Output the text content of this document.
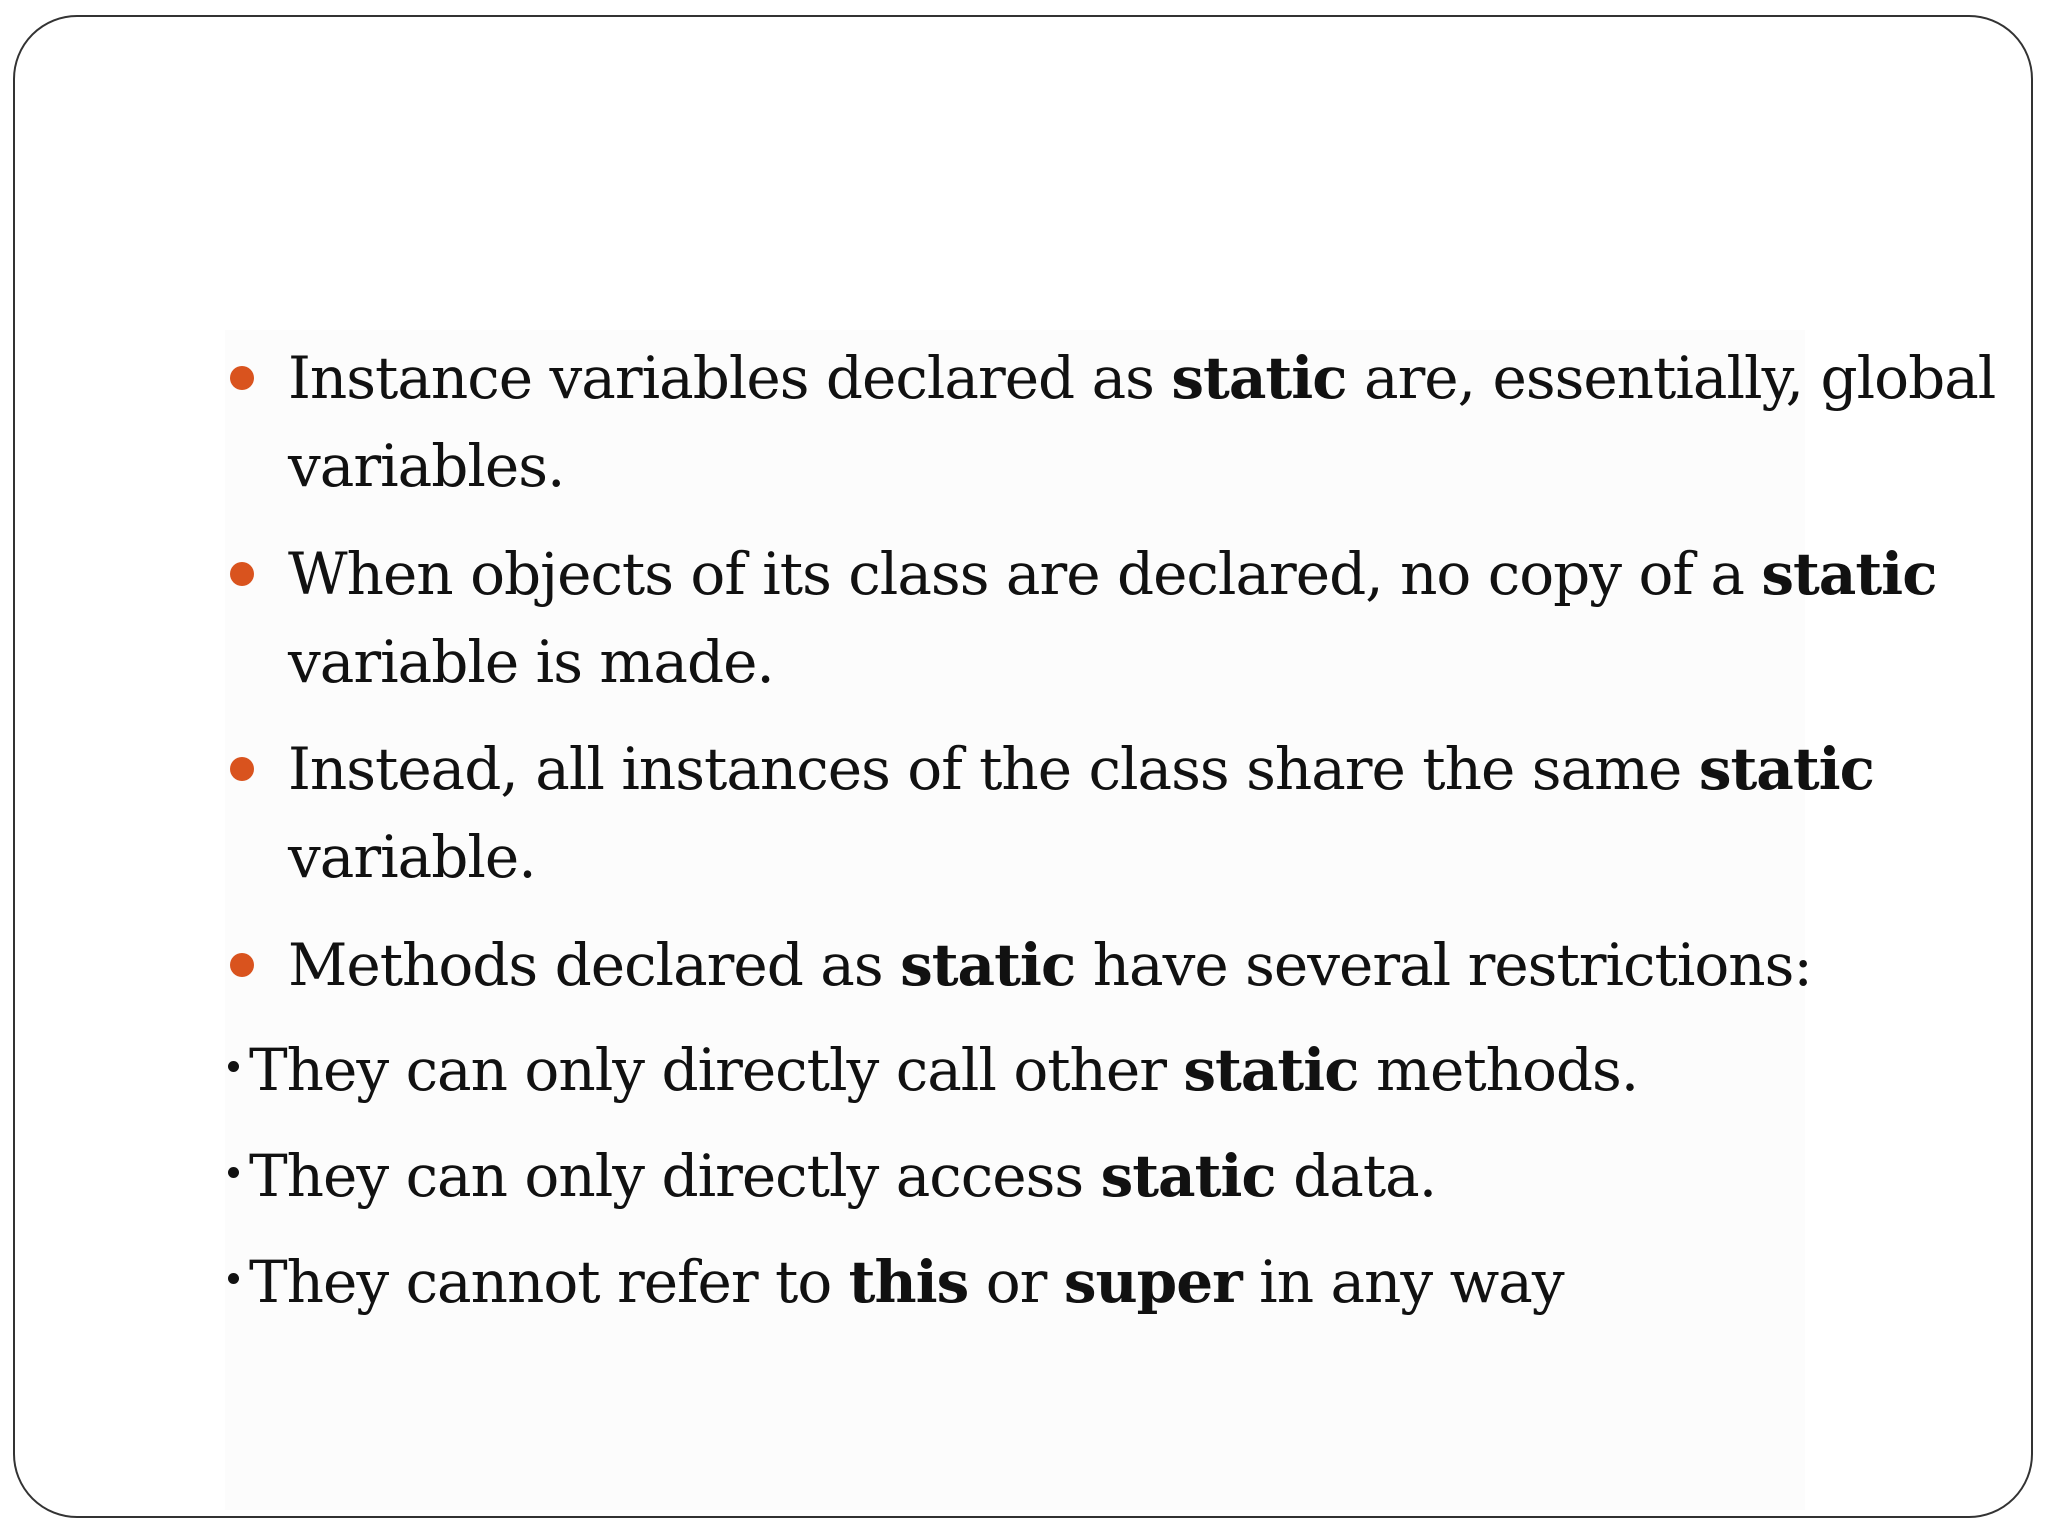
Instance variables declared as static are, essentially, global
variables.
When objects of its class are declared, no copy of a static
variable is made.
Instead, all instances of the class share the same static
variable.
Methods declared as static have several restrictions:
They can only directly call other static methods.
They can only directly access static data.
They cannot refer to this or super in any way
